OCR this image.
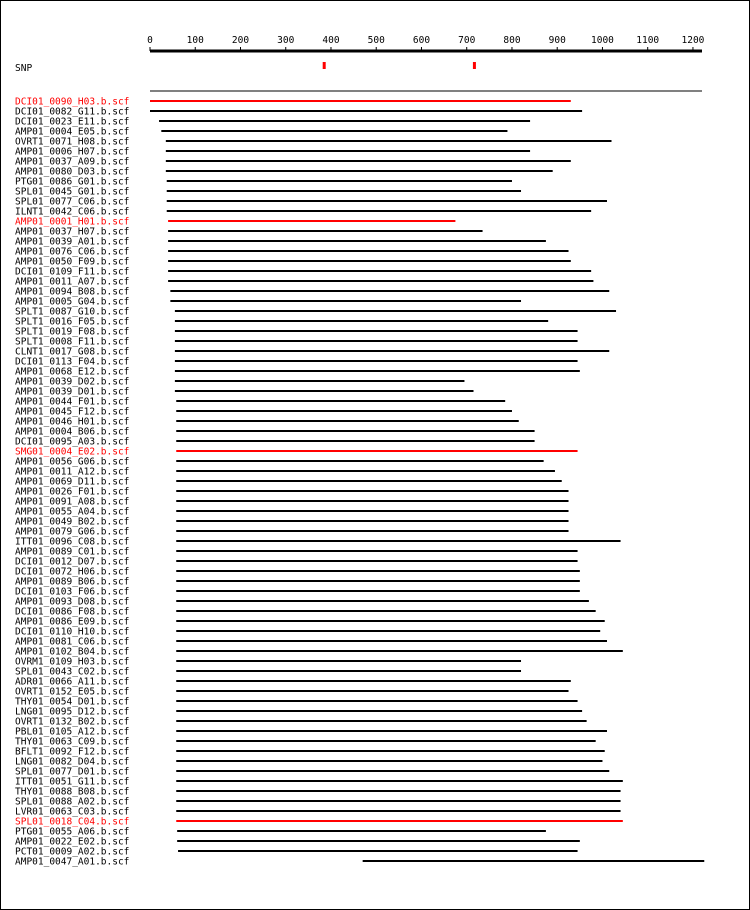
0	100	200	300	400	500	600	700	800	900	1000 1100 1200
SNP
DCI01_0090_H03.b.scf
DCI01_0082_G11.b.scf
DCI01_0023_E11.b.scf
AMP01_0004_E05.b.scf
OVRT1_0071_H08.b.scf
AMP01_0006_H07.b.scf
AMP01_0037_A09.b.scf
AMP01_0080_D03.b.scf
PTG01_0086_G01.b.scf
SPL01_0045_G01.b.scf
SPL01_0077_C06.b.scf
ILNT1_0042_C06.b.scf
AMP01_0001_H01.b.scf
AMP01_0037_H07.b.scf
AMP01_0039_A01.b.scf
AMP01_0076_C06.b.scf
AMP01_0050_F09.b.scf
DCI01_0109_F11.b.scf
AMP01_0011_A07.b.scf
AMP01_0094_B08.b.scf
AMP01_0005_G04.b.scf
SPLT1_0087_G10.b.scf
SPLT1_0016_F05.b.scf
SPLT1_0019_F08.b.scf
SPLT1_0008_F11.b.scf
CLNT1_0017_G08.b.scf
DCI01_0113_F04.b.scf
AMP01_0068_E12.b.scf
AMP01_0039_D02.b.scf
AMP01_0039_D01.b.scf
AMP01_0044_F01.b.scf
AMP01_0045_F12.b.scf
AMP01_0046_H01.b.scf
AMP01_0004_B06.b.scf
DCI01_0095_A03.b.scf
SMG01_0004_E02.b.scf
AMP01_0056_G06.b.scf
AMP01_0011_A12.b.scf
AMP01_0069_D11.b.scf
AMP01_0026_F01.b.scf
AMP01_0091_A08.b.scf
AMP01_0055_A04.b.scf
AMP01_0049_B02.b.scf
AMP01_0079_G06.b.scf
ITT01_0096_C08.b.scf
AMP01_0089_C01.b.scf
DCI01_0012_D07.b.scf
DCI01_0072_H06.b.scf
AMP01_0089_B06.b.scf
DCI01_0103_F06.b.scf
AMP01_0093_D08.b.scf
DCI01_0086_F08.b.scf
AMP01_0086_E09.b.scf
DCI01_0110_H10.b.scf
AMP01_0081_C06.b.scf
AMP01_0102_B04.b.scf
OVRM1_0109_H03.b.scf
SPL01_0043_C02.b.scf
ADR01_0066_A11.b.scf
OVRT1_0152_E05.b.scf
THY01_0054_D01.b.scf
LNG01_0095_D12.b.scf
OVRT1_0132_B02.b.scf
PBL01_0105_A12.b.scf
THY01_0063_C09.b.scf
BFLT1_0092_F12.b.scf
LNG01_0082_D04.b.scf
SPL01_0077_D01.b.scf
ITT01_0051_G11.b.scf
THY01_0088_B08.b.scf
SPL01_0088_A02.b.scf
LVR01_0063_C03.b.scf
SPL01_0018_C04.b.scf
PTG01_0055_A06.b.scf
AMP01_0022_E02.b.scf
PCT01_0009_A02.b.scf
AMP01_0047_A01.b.scf
